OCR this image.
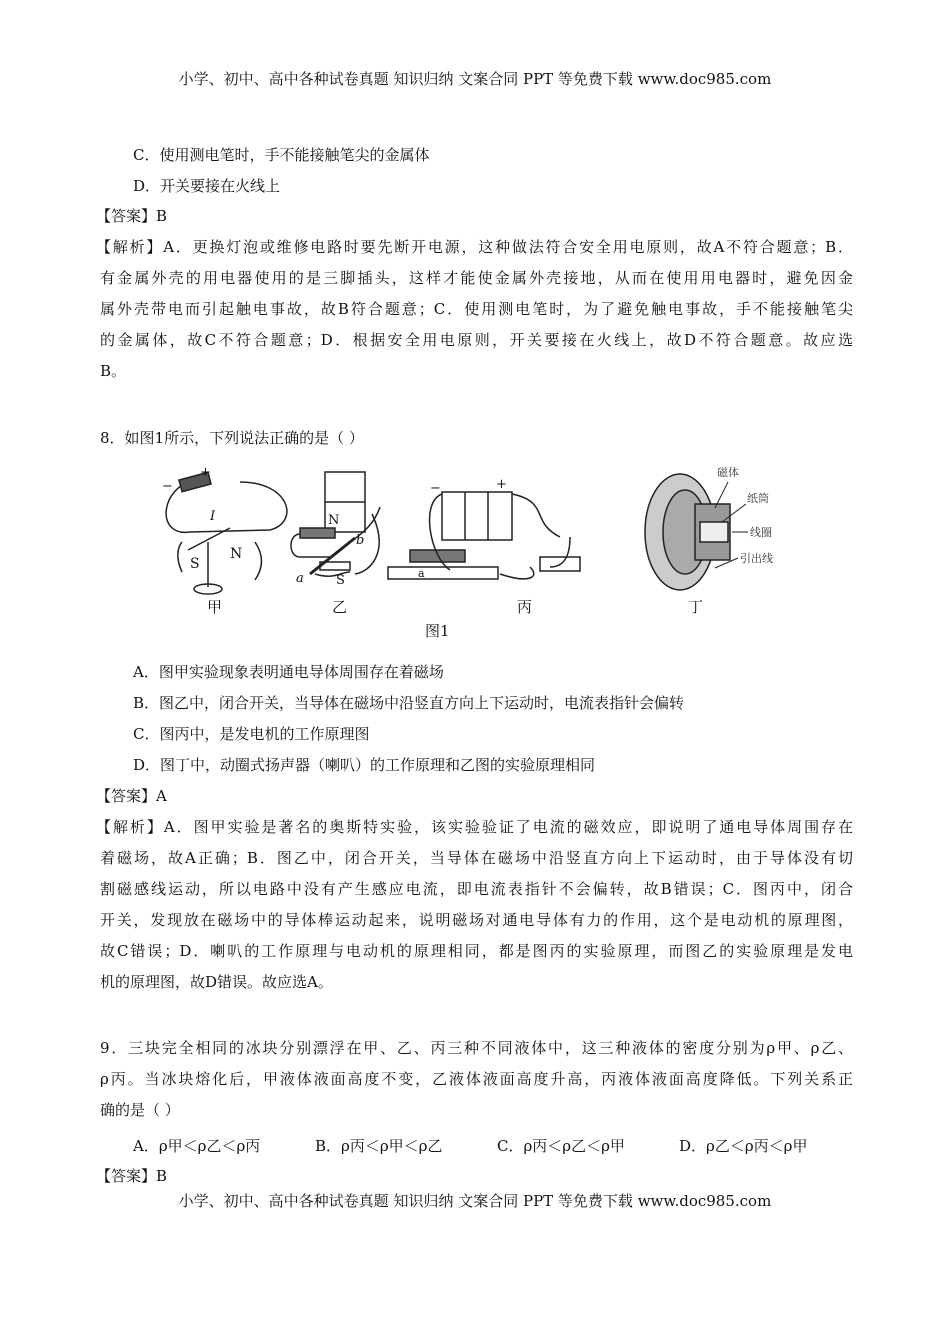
小学、初中、高中各种试卷真题 知识归纳 文案合同 PPT 等免费下载 www.doc985.com
C．使用测电笔时，手不能接触笔尖的金属体
D．开关要接在火线上
【答案】B
【解析】A．更换灯泡或维修电路时要先断开电源，这种做法符合安全用电原则，故A不符合题意；B．
有金属外壳的用电器使用的是三脚插头，这样才能使金属外壳接地，从而在使用用电器时，避免因金
属外壳带电而引起触电事故，故B符合题意；C．使用测电笔时，为了避免触电事故，手不能接触笔尖
的金属体，故C不符合题意；D．根据安全用电原则，开关要接在火线上，故D不符合题意。故应选
B。
8．如图1所示，下列说法正确的是（ ）
+
−
I
S
N
N
S
a
b
+
−
a
磁体
纸筒
线圈
引出线
甲	乙	丙	丁
图1
A．图甲实验现象表明通电导体周围存在着磁场
B．图乙中，闭合开关，当导体在磁场中沿竖直方向上下运动时，电流表指针会偏转
C．图丙中，是发电机的工作原理图
D．图丁中，动圈式扬声器（喇叭）的工作原理和乙图的实验原理相同
【答案】A
【解析】A．图甲实验是著名的奥斯特实验，该实验验证了电流的磁效应，即说明了通电导体周围存在
着磁场，故A正确；B．图乙中，闭合开关，当导体在磁场中沿竖直方向上下运动时，由于导体没有切
割磁感线运动，所以电路中没有产生感应电流，即电流表指针不会偏转，故B错误；C．图丙中，闭合
开关，发现放在磁场中的导体棒运动起来，说明磁场对通电导体有力的作用，这个是电动机的原理图，
故C错误；D．喇叭的工作原理与电动机的原理相同，都是图丙的实验原理，而图乙的实验原理是发电
机的原理图，故D错误。故应选A。
9．三块完全相同的冰块分别漂浮在甲、乙、丙三种不同液体中，这三种液体的密度分别为ρ甲、ρ乙、
ρ丙。当冰块熔化后，甲液体液面高度不变，乙液体液面高度升高，丙液体液面高度降低。下列关系正
确的是（ ）
A．ρ甲＜ρ乙＜ρ丙	B．ρ丙＜ρ甲＜ρ乙	C．ρ丙＜ρ乙＜ρ甲	D．ρ乙＜ρ丙＜ρ甲
【答案】B
小学、初中、高中各种试卷真题 知识归纳 文案合同 PPT 等免费下载 www.doc985.com
